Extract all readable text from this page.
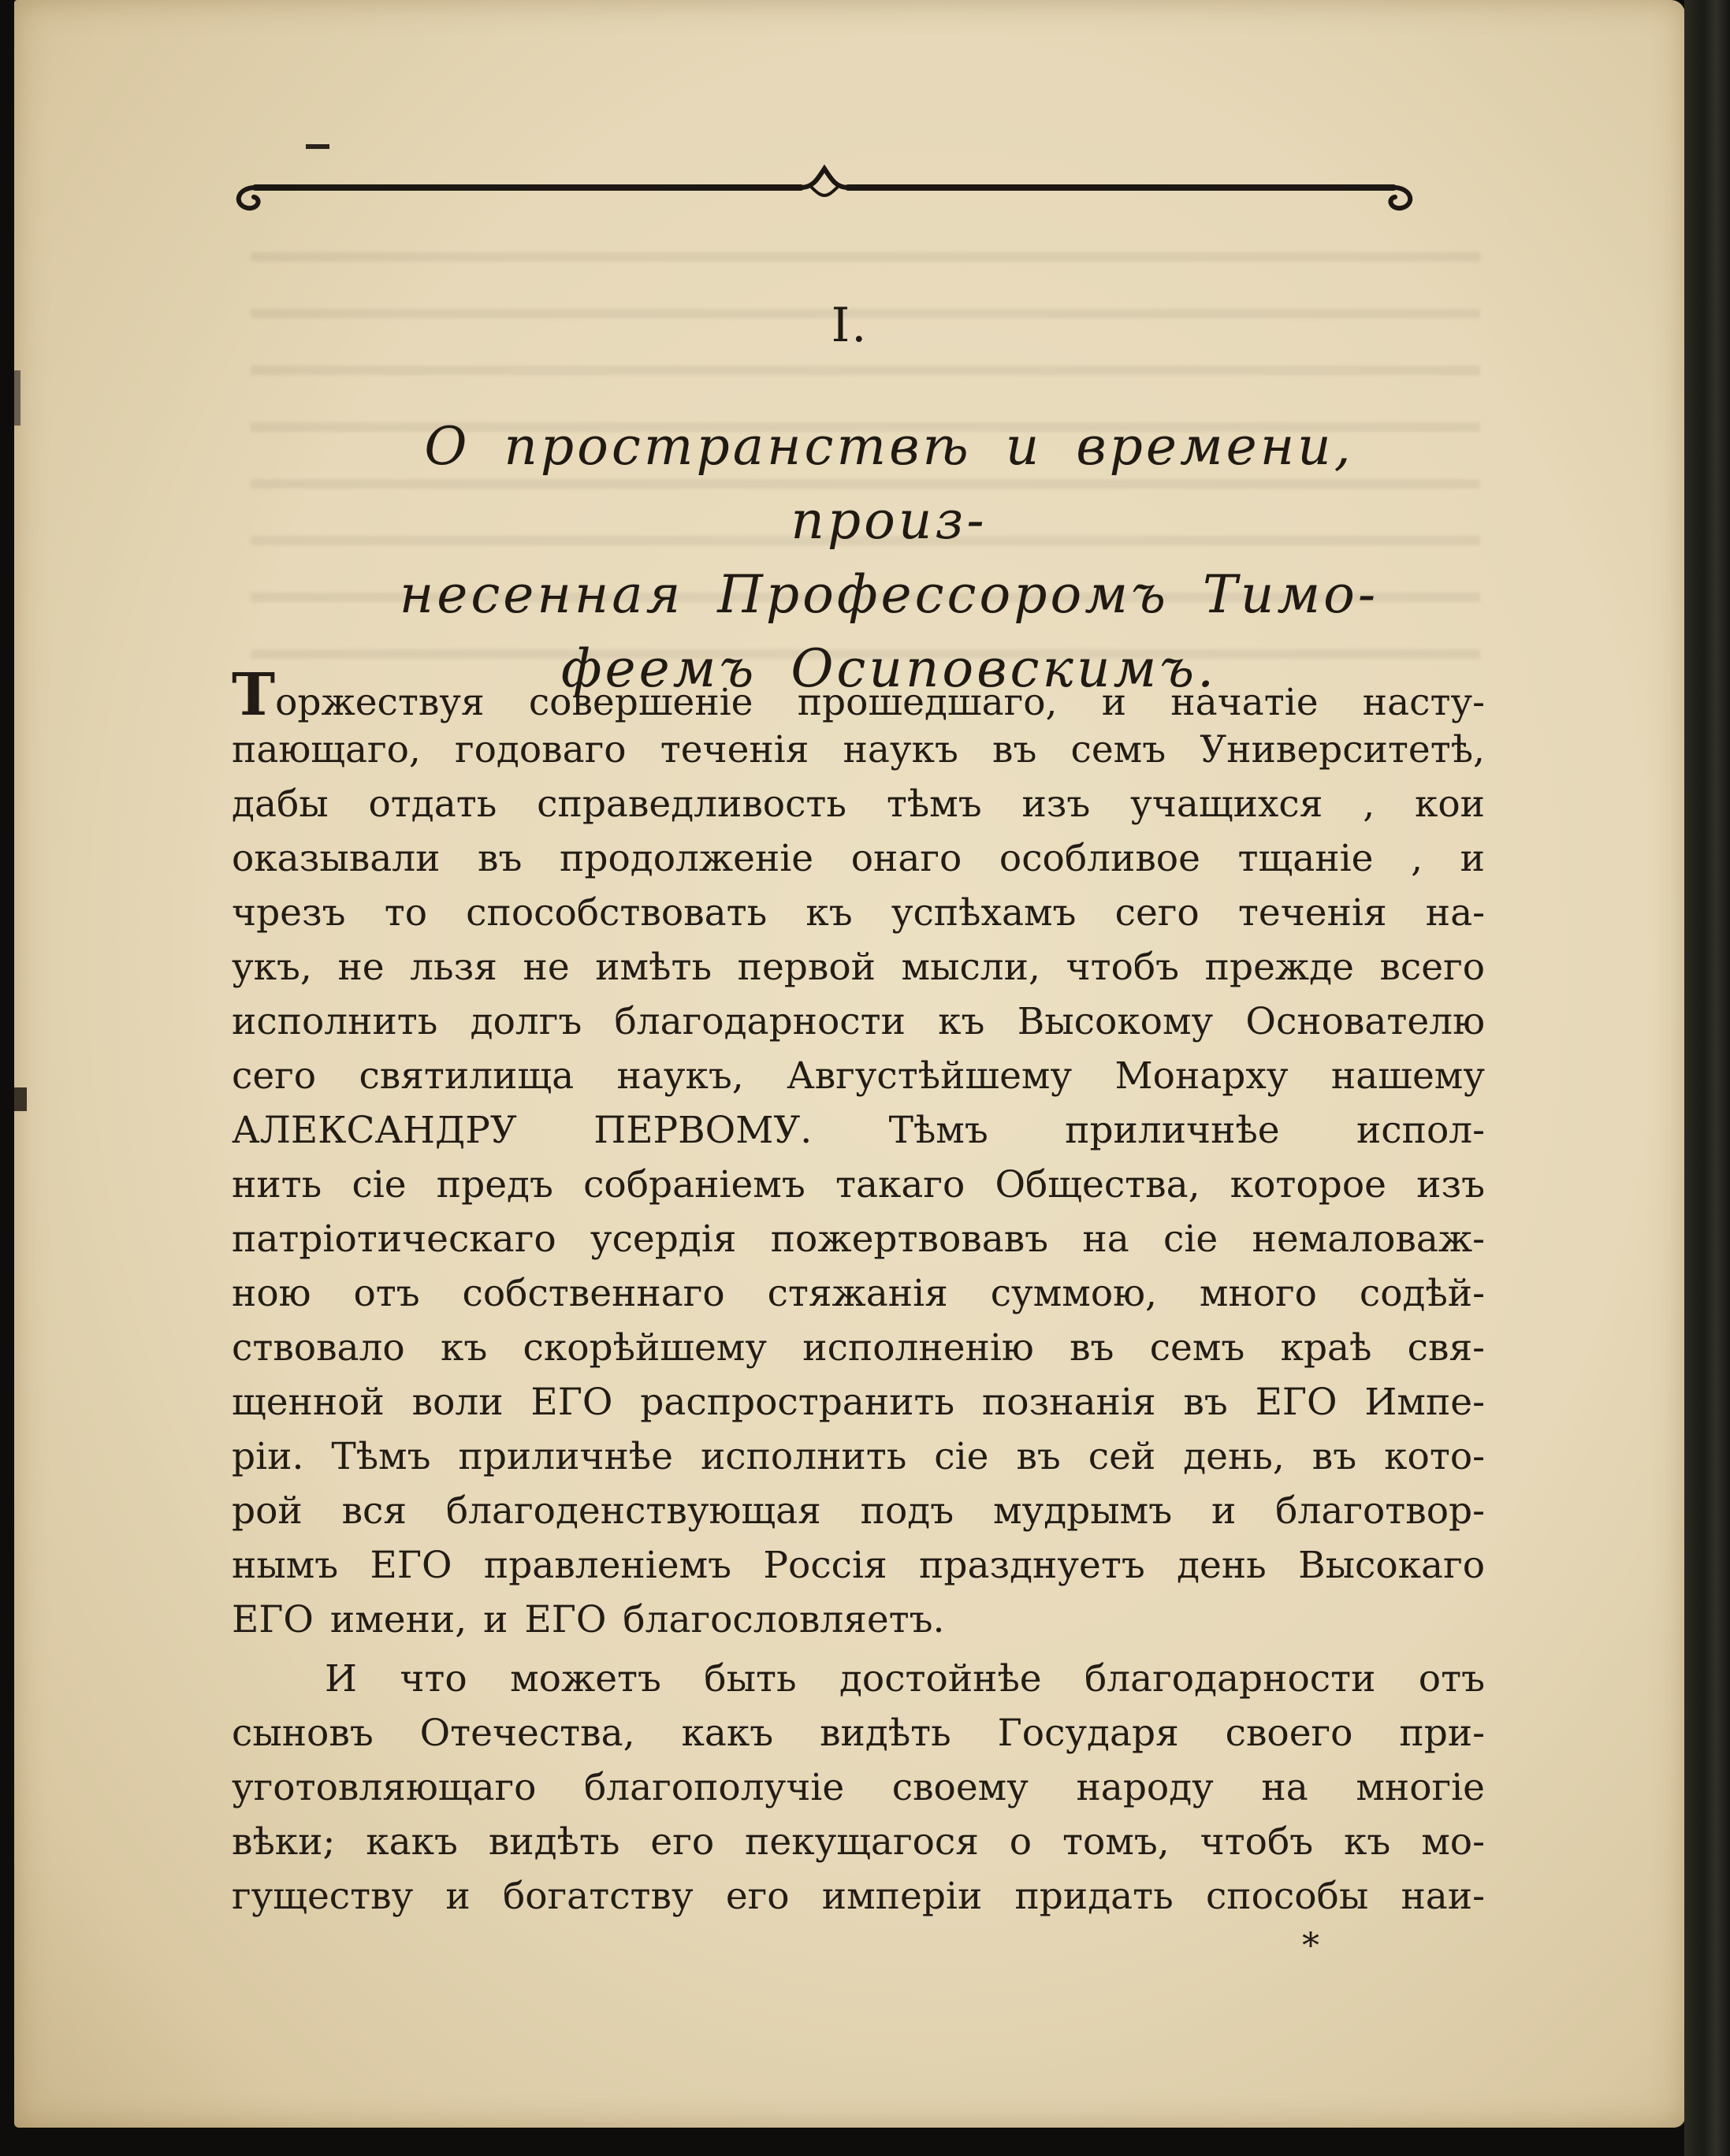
I.
О пространствѣ и времени, произ-
несенная Профессоромъ Тимо-
феемъ Осиповскимъ.
Торжествуя совершеніе прошедшаго, и начатіе насту-
пающаго, годоваго теченія наукъ въ семъ Университетѣ,
дабы отдать справедливость тѣмъ изъ учащихся , кои
оказывали въ продолженіе онаго особливое тщаніе , и
чрезъ то способствовать къ успѣхамъ сего теченія на-
укъ, не льзя не имѣть первой мысли, чтобъ прежде всего
исполнить долгъ благодарности къ Высокому Основателю
сего святилища наукъ, Августѣйшему Монарху нашему
АЛЕКСАНДРУ ПЕРВОМУ. Тѣмъ приличнѣе испол-
нить сіе предъ собраніемъ такаго Общества, которое изъ
патріотическаго усердія пожертвовавъ на сіе немаловаж-
ною отъ собственнаго стяжанія суммою, много содѣй-
ствовало къ скорѣйшему исполненію въ семъ краѣ свя-
щенной воли ЕГО распространить познанія въ ЕГО Импе-
ріи. Тѣмъ приличнѣе исполнить сіе въ сей день, въ кото-
рой вся благоденствующая подъ мудрымъ и благотвор-
нымъ ЕГО правленіемъ Россія празднуетъ день Высокаго
ЕГО имени, и ЕГО благословляетъ.
И что можетъ быть достойнѣе благодарности отъ
сыновъ Отечества, какъ видѣть Государя своего при-
уготовляющаго благополучіе своему народу на многіе
вѣки; какъ видѣть его пекущагося о томъ, чтобъ къ мо-
гуществу и богатству его имперіи придать способы наи-
*
